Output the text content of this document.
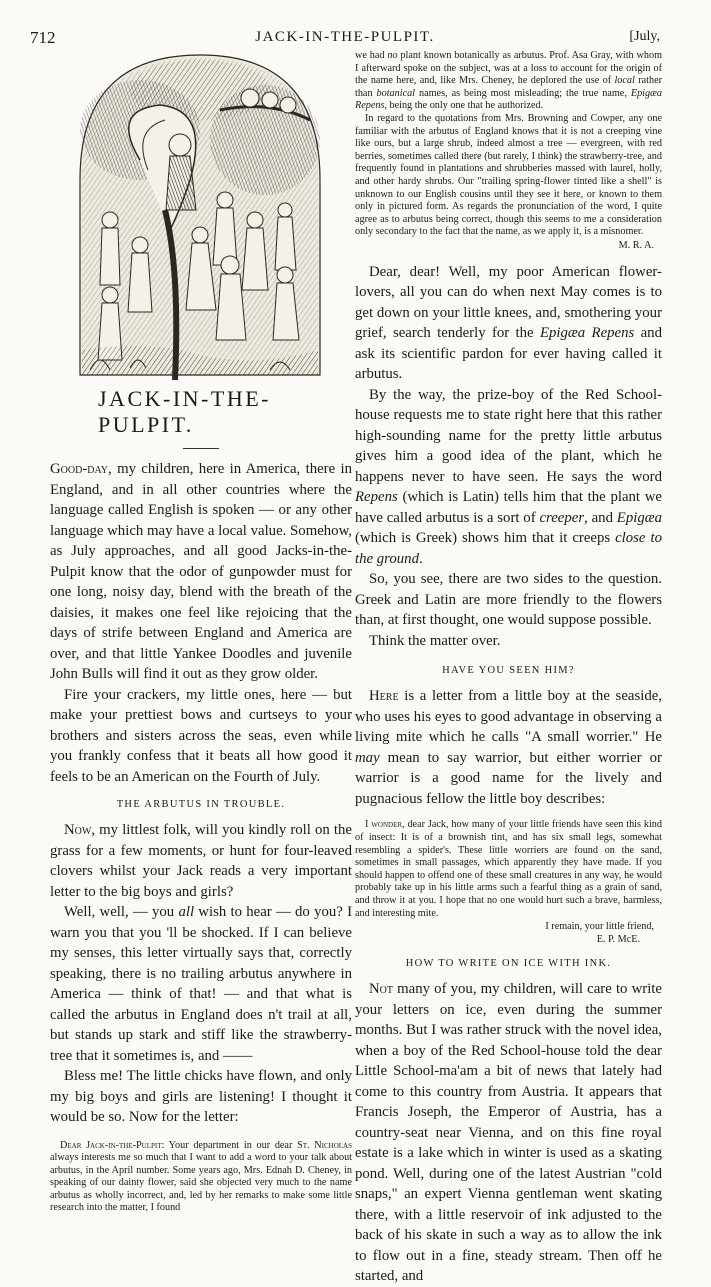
712	JACK-IN-THE-PULPIT.	[July,
JACK-IN-THE-PULPIT.

Good-day, my children, here in America, there in England, and in all other countries where the language called English is spoken — or any other language which may have a local value. Somehow, as July approaches, and all good Jacks-in-the-Pulpit know that the odor of gunpowder must for one long, noisy day, blend with the breath of the daisies, it makes one feel like rejoicing that the days of strife between England and America are over, and that little Yankee Doodles and juvenile John Bulls will find it out as they grow older.

Fire your crackers, my little ones, here — but make your prettiest bows and curtseys to your brothers and sisters across the seas, even while you frankly confess that it beats all how good it feels to be an American on the Fourth of July.

THE ARBUTUS IN TROUBLE.

Now, my littlest folk, will you kindly roll on the grass for a few moments, or hunt for four-leaved clovers whilst your Jack reads a very important letter to the big boys and girls?

Well, well, — you all wish to hear — do you? I warn you that you 'll be shocked. If I can believe my senses, this letter virtually says that, correctly speaking, there is no trailing arbutus anywhere in America — think of that! — and that what is called the arbutus in England does n't trail at all, but stands up stark and stiff like the strawberry-tree that it sometimes is, and ——

Bless me! The little chicks have flown, and only my big boys and girls are listening! I thought it would be so. Now for the letter:

Dear Jack-in-the-Pulpit: Your department in our dear St. Nicholas always interests me so much that I want to add a word to your talk about arbutus, in the April number. Some years ago, Mrs. Ednah D. Cheney, in speaking of our dainty flower, said she objected very much to the name arbutus as wholly incorrect, and, led by her remarks to make some little research into the matter, I found

we had no plant known botanically as arbutus. Prof. Asa Gray, with whom I afterward spoke on the subject, was at a loss to account for the origin of the name here, and, like Mrs. Cheney, he deplored the use of local rather than botanical names, as being most misleading; the true name, Epigæa Repens, being the only one that he authorized.

In regard to the quotations from Mrs. Browning and Cowper, any one familiar with the arbutus of England knows that it is not a creeping vine like ours, but a large shrub, indeed almost a tree — evergreen, with red berries, sometimes called there (but rarely, I think) the strawberry-tree, and frequently found in plantations and shrubberies massed with laurel, holly, and other hardy shrubs. Our "trailing spring-flower tinted like a shell" is unknown to our English cousins until they see it here, or known to them only in pictured form. As regards the pronunciation of the word, I quite agree as to arbutus being correct, though this seems to me a consideration only secondary to the fact that the name, as we apply it, is a misnomer.

M. R. A.

Dear, dear! Well, my poor American flower-lovers, all you can do when next May comes is to get down on your little knees, and, smothering your grief, search tenderly for the Epigæa Repens and ask its scientific pardon for ever having called it arbutus.

By the way, the prize-boy of the Red School-house requests me to state right here that this rather high-sounding name for the pretty little arbutus gives him a good idea of the plant, which he happens never to have seen. He says the word Repens (which is Latin) tells him that the plant we have called arbutus is a sort of creeper, and Epigæa (which is Greek) shows him that it creeps close to the ground.

So, you see, there are two sides to the question. Greek and Latin are more friendly to the flowers than, at first thought, one would suppose possible.

Think the matter over.

HAVE YOU SEEN HIM?

Here is a letter from a little boy at the seaside, who uses his eyes to good advantage in observing a living mite which he calls "A small worrier." He may mean to say warrior, but either worrier or warrior is a good name for the lively and pugnacious fellow the little boy describes:

I wonder, dear Jack, how many of your little friends have seen this kind of insect: It is of a brownish tint, and has six small legs, somewhat resembling a spider's. These little worriers are found on the sand, sometimes in small passages, which apparently they have made. If you should happen to offend one of these small creatures in any way, he would probably take up in his little arms such a fearful thing as a grain of sand, and throw it at you. I hope that no one would hurt such a brave, harmless, and interesting mite.

I remain, your little friend,

E. P. McE.

HOW TO WRITE ON ICE WITH INK.

Not many of you, my children, will care to write your letters on ice, even during the summer months. But I was rather struck with the novel idea, when a boy of the Red School-house told the dear Little School-ma'am a bit of news that lately had come to this country from Austria. It appears that Francis Joseph, the Emperor of Austria, has a country-seat near Vienna, and on this fine royal estate is a lake which in winter is used as a skating pond. Well, during one of the latest Austrian "cold snaps," an expert Vienna gentleman went skating there, with a little reservoir of ink adjusted to the back of his skate in such a way as to allow the ink to flow out in a fine, steady stream. Then off he started, and
